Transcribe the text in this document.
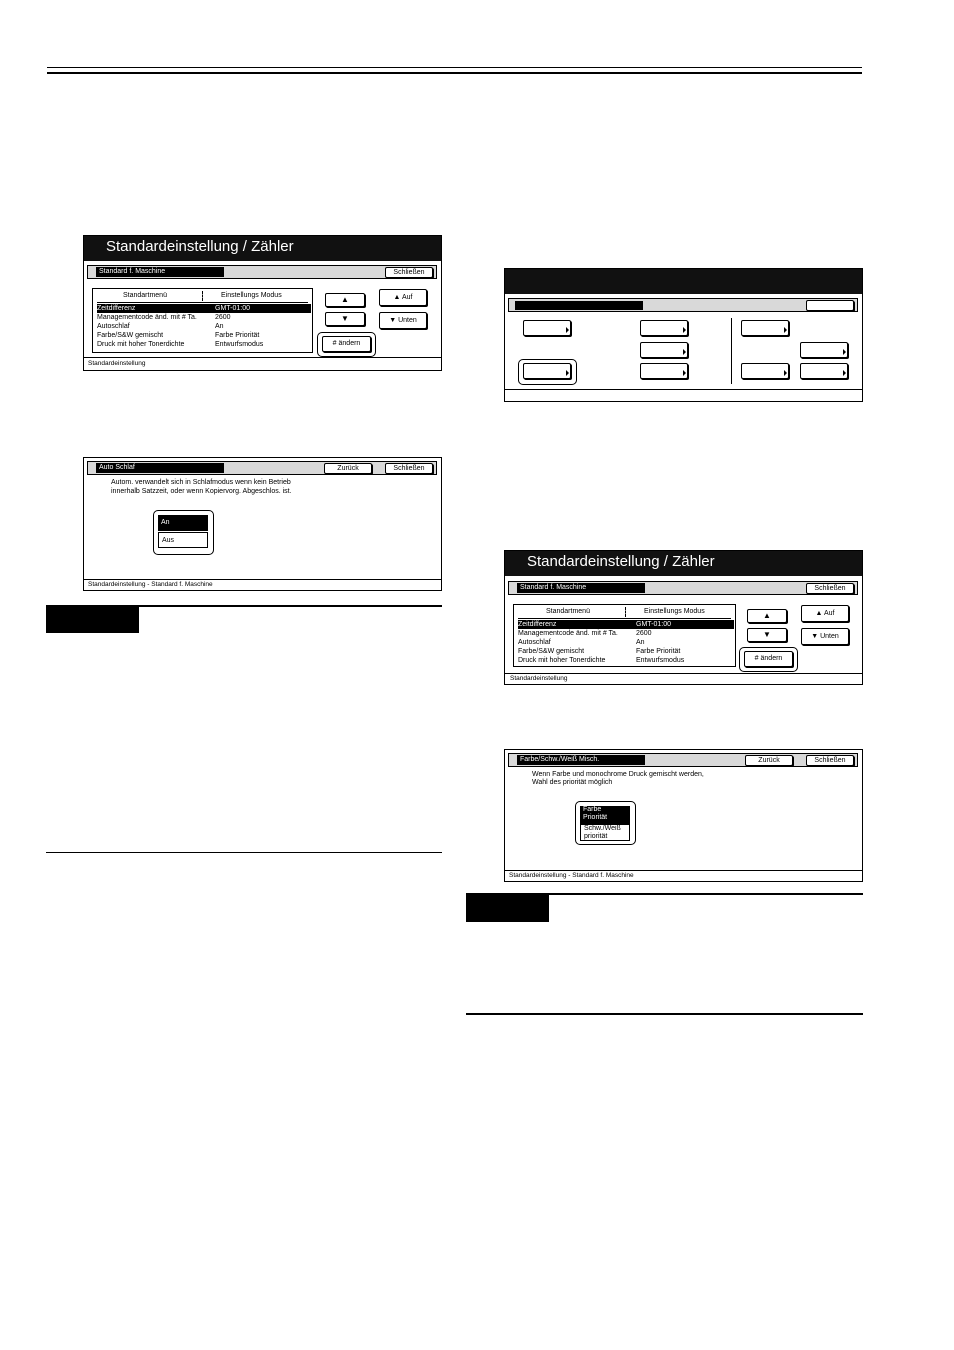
Standardeinstellung / Zähler
Standard f. Maschine	Schließen
Standartmenü	Einstellungs Modus
Zeitdifferenz	GMT-01:00

Managementcode änd. mit # Ta.	2600

Autoschlaf	An

Farbe/S&W gemischt	Farbe Priorität

Druck mit hoher Tonerdichte	Entwurfsmodus

▲
▼
▲ Auf
▼ Unten
# ändern
Standardeinstellung
Auto Schlaf	Zurück	Schließen
Autom. verwandelt sich in Schlafmodus wenn kein Betrieb
innerhalb Satzzeit, oder wenn Kopiervorg. Abgeschlos. ist.
An
Aus
Standardeinstellung - Standard f. Maschine
Standardeinstellung / Zähler
Standard f. Maschine	Schließen
Standartmenü	Einstellungs Modus
Zeitdifferenz	GMT-01:00

Managementcode änd. mit # Ta.	2600

Autoschlaf	An

Farbe/S&W gemischt	Farbe Priorität

Druck mit hoher Tonerdichte	Entwurfsmodus

▲
▼
▲ Auf
▼ Unten
# ändern
Standardeinstellung
Farbe/Schw./Weiß Misch.	Zurück	Schließen
Wenn Farbe und monochrome Druck gemischt werden,
Wahl des priorität möglich
Farbe
Priorität
Schw./Weiß
priorität
Standardeinstellung - Standard f. Maschine
